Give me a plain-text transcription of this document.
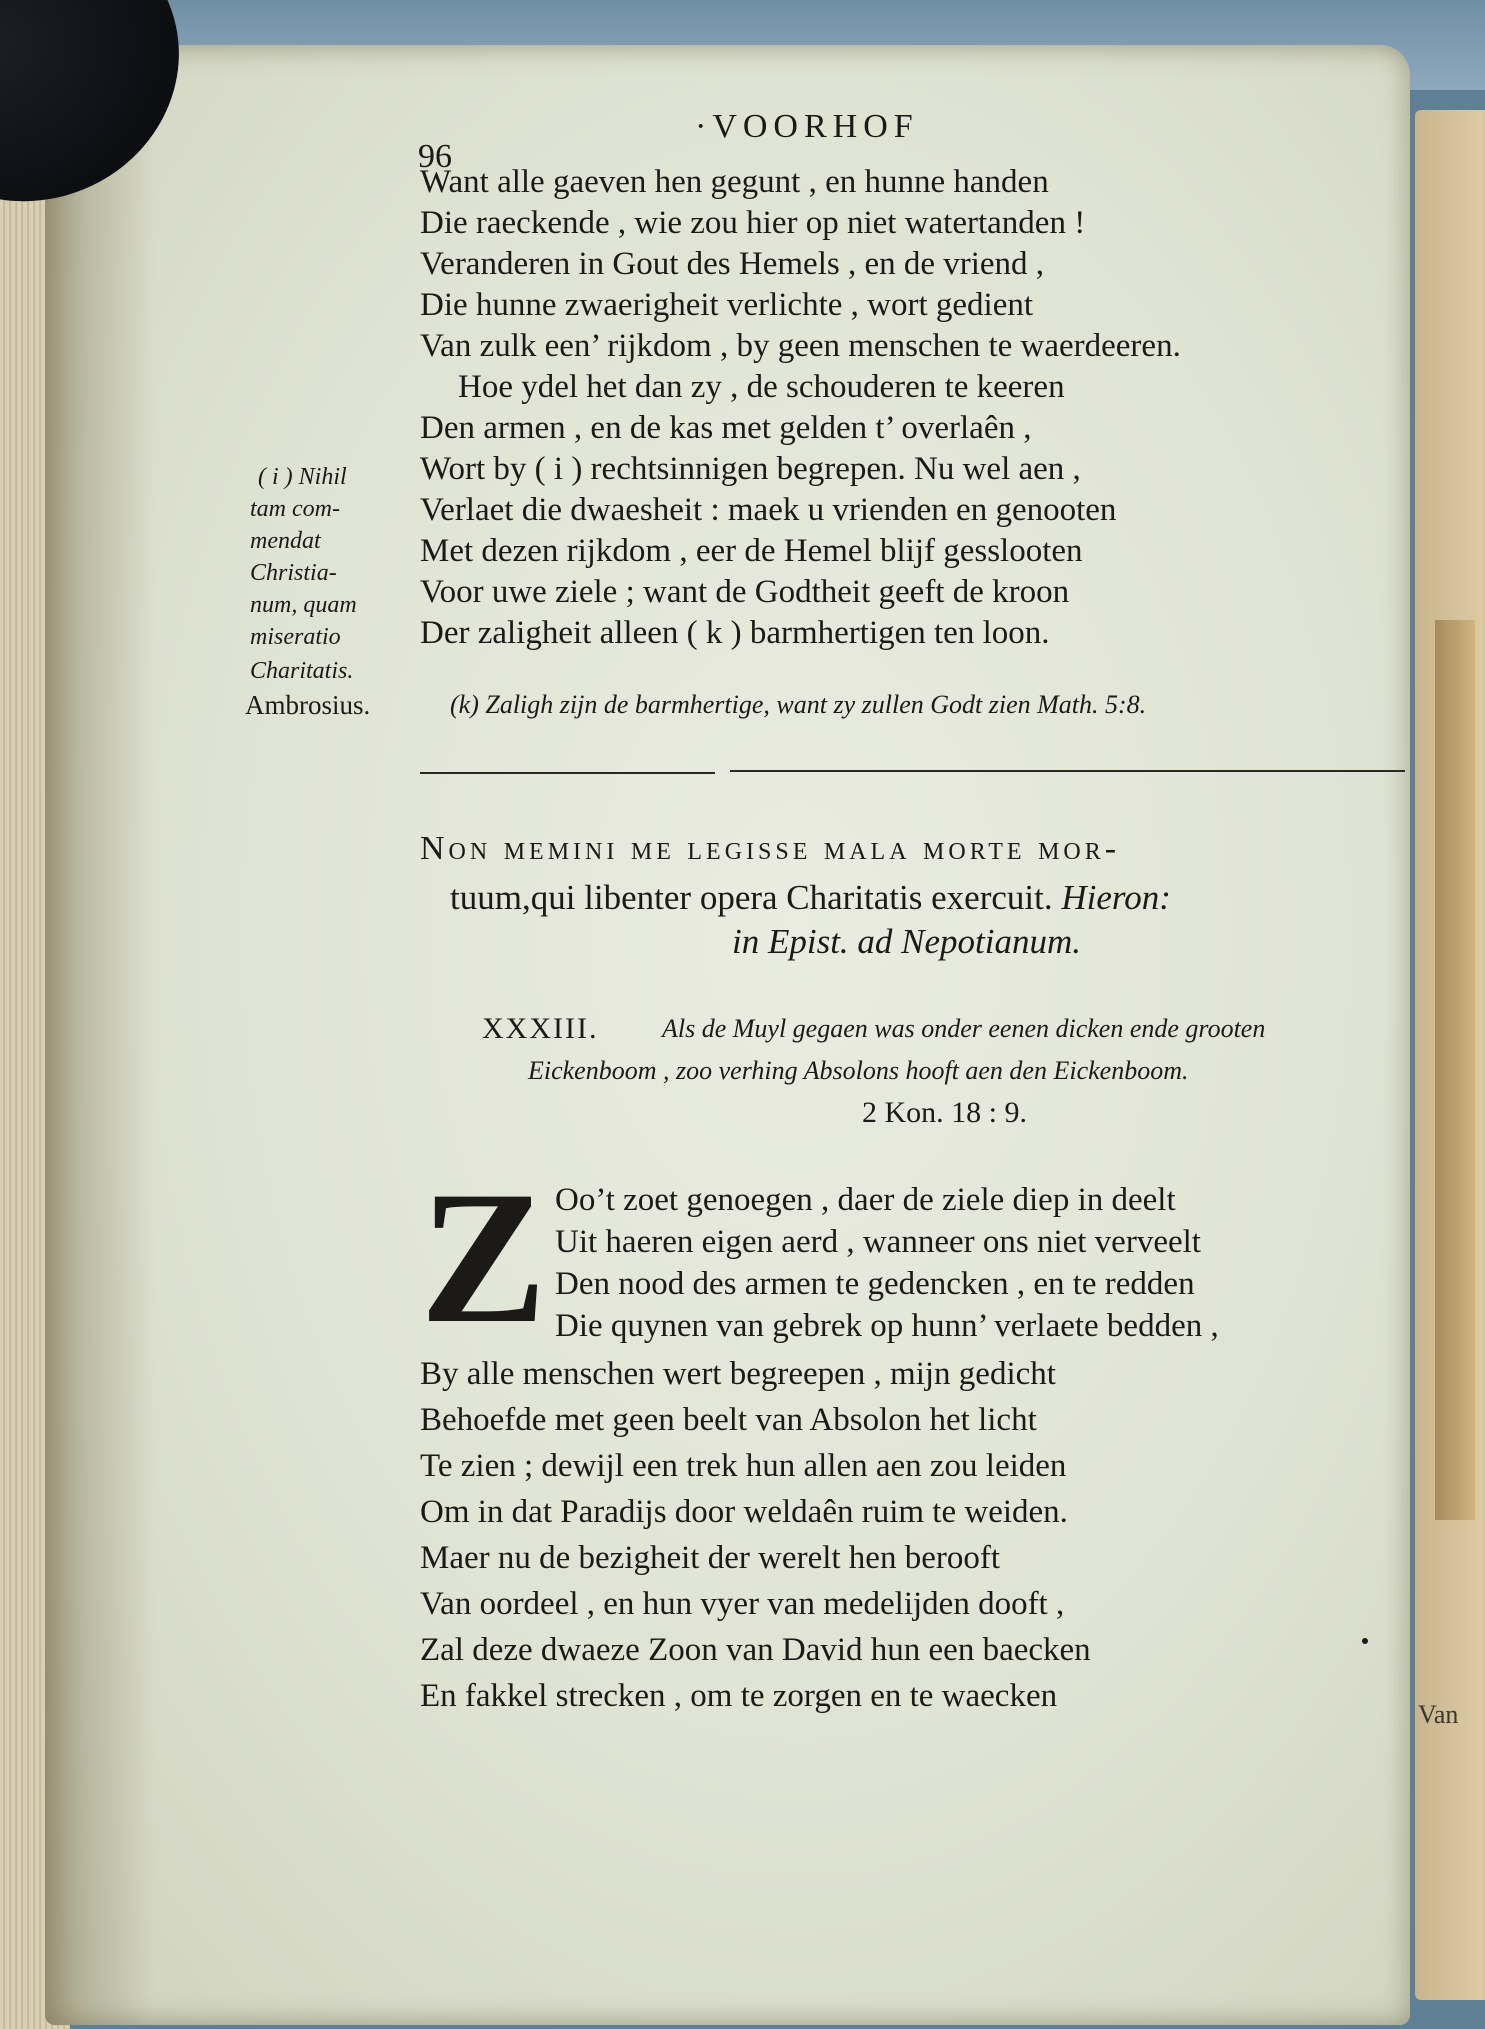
96
·VOORHOF
Want alle gaeven hen gegunt , en hunne handen
Die raeckende , wie zou hier op niet watertanden !
Veranderen in Gout des Hemels , en de vriend ,
Die hunne zwaerigheit verlichte , wort gedient
Van zulk een’ rijkdom , by geen menschen te waerdeeren.
Hoe ydel het dan zy , de schouderen te keeren
Den armen , en de kas met gelden t’ overlaên ,
Wort by ( i ) rechtsinnigen begrepen. Nu wel aen ,
Verlaet die dwaesheit : maek u vrienden en genooten
Met dezen rijkdom , eer de Hemel blijf gesslooten
Voor uwe ziele ; want de Godtheit geeft de kroon
Der zaligheit alleen ( k ) barmhertigen ten loon.
( i ) Nihil
tam com-
mendat
Christia-
num, quam
miseratio
Charitatis.
Ambrosius.	(k) Zaligh zijn de barmhertige, want zy zullen Godt zien Math. 5:8.
Non memini me legisse mala morte mor-
tuum,qui libenter opera Charitatis exercuit. Hieron:
in Epist. ad Nepotianum.
XXXIII. Als de Muyl gegaen was onder eenen dicken ende grooten
Eickenboom , zoo verhing Absolons hooft aen den Eickenboom.
2 Kon. 18 : 9.
Z Oo’t zoet genoegen , daer de ziele diep in deelt
Uit haeren eigen aerd , wanneer ons niet verveelt
Den nood des armen te gedencken , en te redden
Die quynen van gebrek op hunn’ verlaete bedden ,
By alle menschen wert begreepen , mijn gedicht
Behoefde met geen beelt van Absolon het licht
Te zien ; dewijl een trek hun allen aen zou leiden
Om in dat Paradijs door weldaên ruim te weiden.
Maer nu de bezigheit der werelt hen berooft
Van oordeel , en hun vyer van medelijden dooft ,
Zal deze dwaeze Zoon van David hun een baecken
En fakkel strecken , om te zorgen en te waecken
Van
